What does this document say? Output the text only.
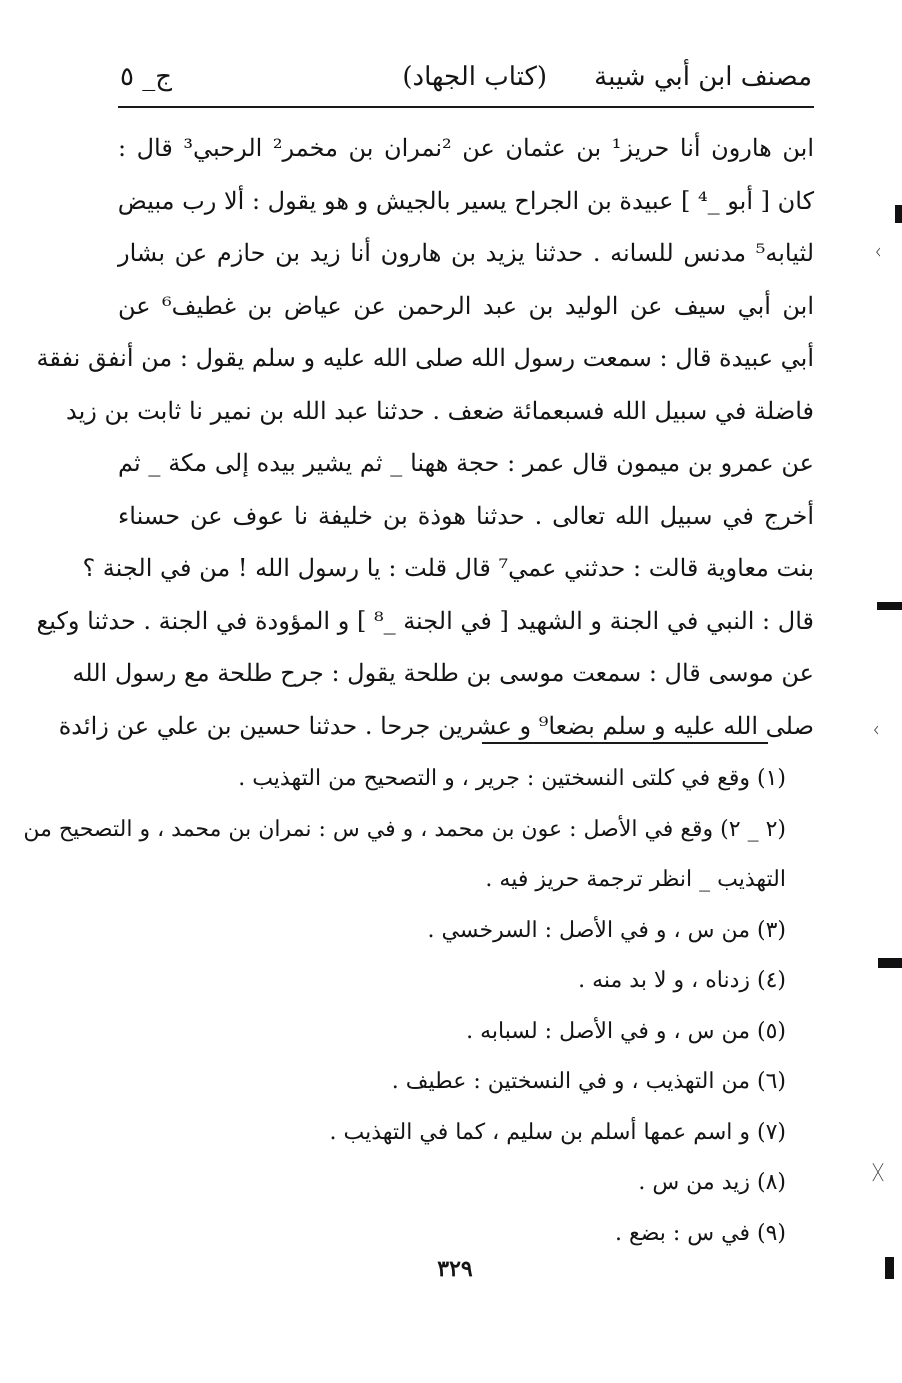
مصنف ابن أبي شيبة
(كتاب الجهاد)
ج_ ٥
ابن هارون أنا حريز¹ بن عثمان عن ²نمران بن مخمر² الرحبي³ قال :
كان [ أبو _⁴ ] عبيدة بن الجراح يسير بالجيش و هو يقول : ألا رب مبيض
لثيابه⁵ مدنس للسانه . حدثنا يزيد بن هارون أنا زيد بن حازم عن بشار
ابن أبي سيف عن الوليد بن عبد الرحمن عن عياض بن غطيف⁶ عن
أبي عبيدة قال : سمعت رسول الله صلى الله عليه و سلم يقول : من أنفق نفقة
فاضلة في سبيل الله فسبعمائة ضعف . حدثنا عبد الله بن نمير نا ثابت بن زيد
عن عمرو بن ميمون قال عمر : حجة ههنا _ ثم يشير بيده إلى مكة _ ثم
أخرج في سبيل الله تعالى . حدثنا هوذة بن خليفة نا عوف عن حسناء
بنت معاوية قالت : حدثني عمي⁷ قال قلت : يا رسول الله ! من في الجنة ؟
قال : النبي في الجنة و الشهيد [ في الجنة _⁸ ] و المؤودة في الجنة . حدثنا وكيع
عن موسى قال : سمعت موسى بن طلحة يقول : جرح طلحة مع رسول الله
صلى الله عليه و سلم بضعا⁹ و عشرين جرحا . حدثنا حسين بن علي عن زائدة
(١) وقع في كلتى النسختين : جرير ، و التصحيح من التهذيب .
(٢ _ ٢) وقع في الأصل : عون بن محمد ، و في س : نمران بن محمد ، و التصحيح من
التهذيب _ انظر ترجمة حريز فيه .
(٣) من س ، و في الأصل : السرخسي .
(٤) زدناه ، و لا بد منه .
(٥) من س ، و في الأصل : لسبابه .
(٦) من التهذيب ، و في النسختين : عطيف .
(٧) و اسم عمها أسلم بن سليم ، كما في التهذيب .
(٨) زيد من س .
(٩) في س : بضع .
٣٢٩
ᚲ
ᚲ
ᚷ
